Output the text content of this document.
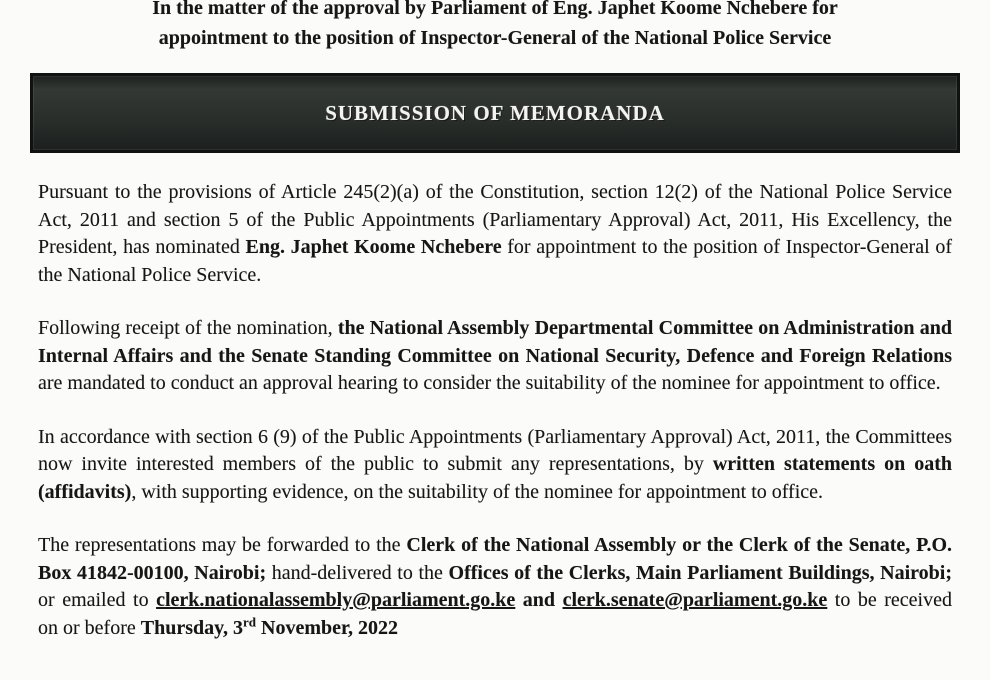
In the matter of the approval by Parliament of Eng. Japhet Koome Nchebere for
appointment to the position of Inspector-General of the National Police Service
SUBMISSION OF MEMORANDA

Pursuant to the provisions of Article 245(2)(a) of the Constitution, section 12(2) of the National Police Service Act, 2011 and section 5 of the Public Appointments (Parliamentary Approval) Act, 2011, His Excellency, the President, has nominated Eng. Japhet Koome Nchebere for appointment to the position of Inspector-General of the National Police Service.

Following receipt of the nomination, the National Assembly Departmental Committee on Administration and Internal Affairs and the Senate Standing Committee on National Security, Defence and Foreign Relations are mandated to conduct an approval hearing to consider the suitability of the nominee for appointment to office.

In accordance with section 6 (9) of the Public Appointments (Parliamentary Approval) Act, 2011, the Committees now invite interested members of the public to submit any representations, by written statements on oath (affidavits), with supporting evidence, on the suitability of the nominee for appointment to office.

The representations may be forwarded to the Clerk of the National Assembly or the Clerk of the Senate, P.O. Box 41842-00100, Nairobi; hand-delivered to the Offices of the Clerks, Main Parliament Buildings, Nairobi; or emailed to clerk.nationalassembly@parliament.go.ke and clerk.senate@parliament.go.ke to be received on or before Thursday, 3rd November, 2022
